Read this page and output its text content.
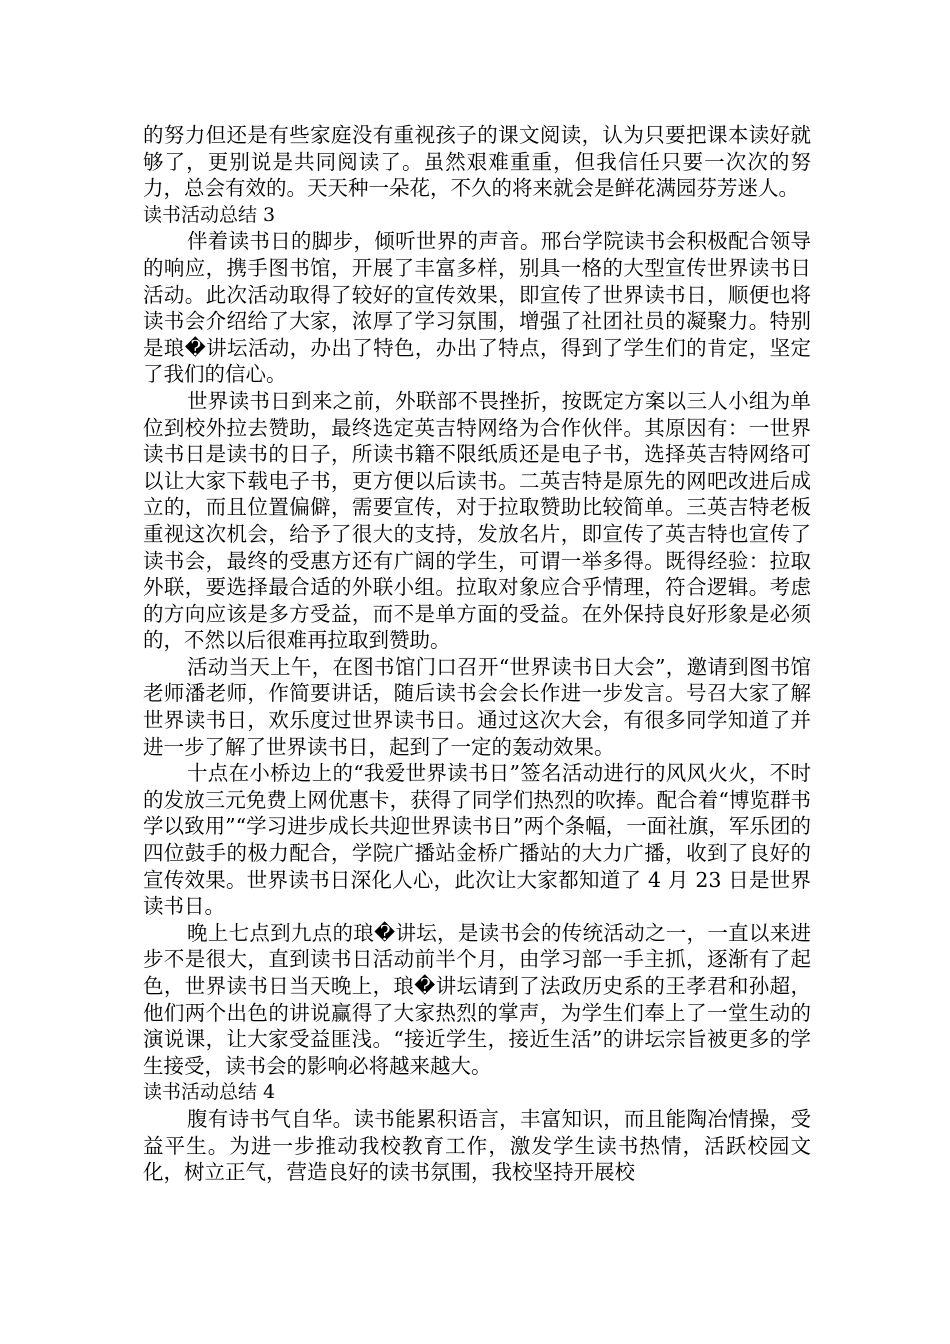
的努力但还是有些家庭没有重视孩子的课文阅读，认为只要把课本读好就够了，更别说是共同阅读了。虽然艰难重重，但我信任只要一次次的努力，总会有效的。天天种一朵花，不久的将来就会是鲜花满园芬芳迷人。

读书活动总结 3

伴着读书日的脚步，倾听世界的声音。邢台学院读书会积极配合领导的响应，携手图书馆，开展了丰富多样，别具一格的大型宣传世界读书日活动。此次活动取得了较好的宣传效果，即宣传了世界读书日，顺便也将读书会介绍给了大家，浓厚了学习氛围，增强了社团社员的凝聚力。特别是琅�讲坛活动，办出了特色，办出了特点，得到了学生们的肯定，坚定了我们的信心。

世界读书日到来之前，外联部不畏挫折，按既定方案以三人小组为单位到校外拉去赞助，最终选定英吉特网络为合作伙伴。其原因有：一世界读书日是读书的日子，所读书籍不限纸质还是电子书，选择英吉特网络可以让大家下载电子书，更方便以后读书。二英吉特是原先的网吧改进后成立的，而且位置偏僻，需要宣传，对于拉取赞助比较简单。三英吉特老板重视这次机会，给予了很大的支持，发放名片，即宣传了英吉特也宣传了读书会，最终的受惠方还有广阔的学生，可谓一举多得。既得经验：拉取外联，要选择最合适的外联小组。拉取对象应合乎情理，符合逻辑。考虑的方向应该是多方受益，而不是单方面的受益。在外保持良好形象是必须的，不然以后很难再拉取到赞助。

活动当天上午，在图书馆门口召开“世界读书日大会”，邀请到图书馆老师潘老师，作简要讲话，随后读书会会长作进一步发言。号召大家了解世界读书日，欢乐度过世界读书日。通过这次大会，有很多同学知道了并进一步了解了世界读书日，起到了一定的轰动效果。

十点在小桥边上的“我爱世界读书日”签名活动进行的风风火火，不时的发放三元免费上网优惠卡，获得了同学们热烈的吹捧。配合着“博览群书学以致用”“学习进步成长共迎世界读书日”两个条幅，一面社旗，军乐团的四位鼓手的极力配合，学院广播站金桥广播站的大力广播，收到了良好的宣传效果。世界读书日深化人心，此次让大家都知道了 4 月 23 日是世界读书日。

晚上七点到九点的琅�讲坛，是读书会的传统活动之一，一直以来进步不是很大，直到读书日活动前半个月，由学习部一手主抓，逐渐有了起色，世界读书日当天晚上，琅�讲坛请到了法政历史系的王孝君和孙超，他们两个出色的讲说赢得了大家热烈的掌声，为学生们奉上了一堂生动的演说课，让大家受益匪浅。“接近学生，接近生活”的讲坛宗旨被更多的学生接受，读书会的影响必将越来越大。

读书活动总结 4

腹有诗书气自华。读书能累积语言，丰富知识，而且能陶冶情操，受益平生。为进一步推动我校教育工作，激发学生读书热情，活跃校园文化，树立正气，营造良好的读书氛围，我校坚持开展校
